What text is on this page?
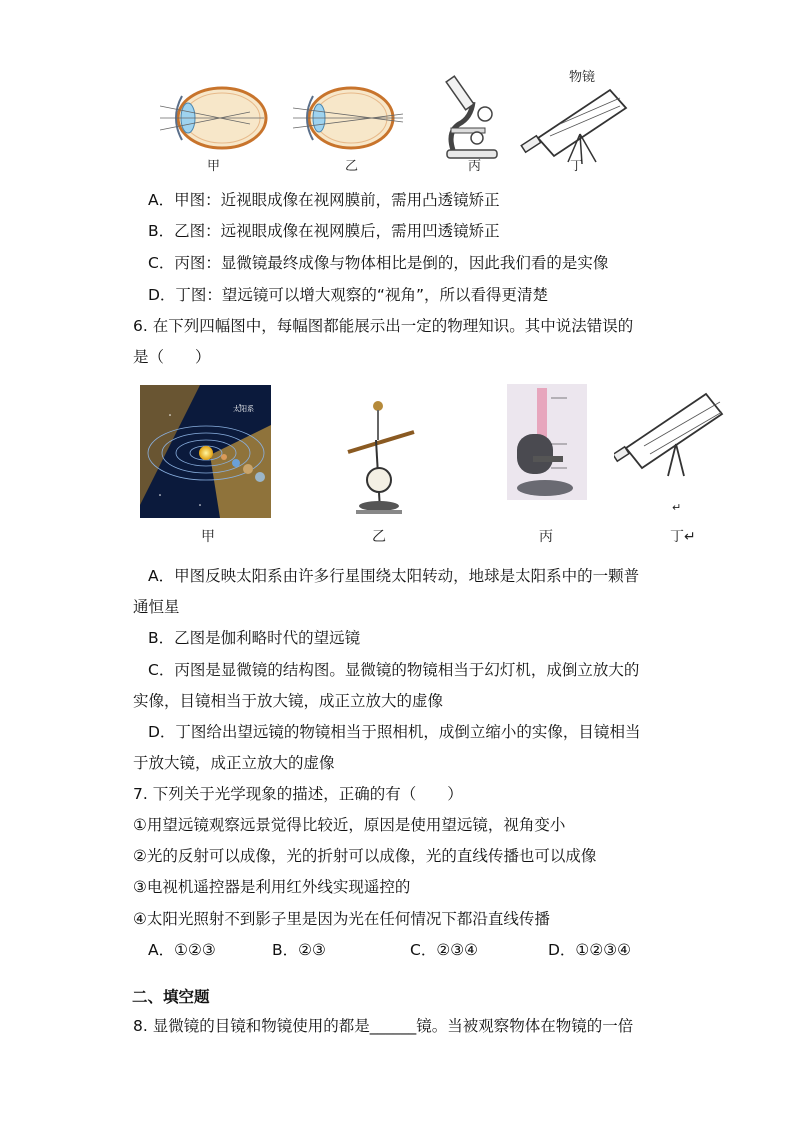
甲	乙	丙
物镜
丁
A．甲图：近视眼成像在视网膜前，需用凸透镜矫正
B．乙图：远视眼成像在视网膜后，需用凹透镜矫正
C．丙图：显微镜最终成像与物体相比是倒的，因此我们看的是实像
D．丁图：望远镜可以增大观察的“视角”，所以看得更清楚
6. 在下列四幅图中，每幅图都能展示出一定的物理知识。其中说法错误的
是（　　）
太阳系
甲	乙	丙
↵
丁↵
A．甲图反映太阳系由许多行星围绕太阳转动，地球是太阳系中的一颗普
通恒星
B．乙图是伽利略时代的望远镜
C．丙图是显微镜的结构图。显微镜的物镜相当于幻灯机，成倒立放大的
实像，目镜相当于放大镜，成正立放大的虚像
D．丁图给出望远镜的物镜相当于照相机，成倒立缩小的实像，目镜相当
于放大镜，成正立放大的虚像
7. 下列关于光学现象的描述，正确的有（　　）
①用望远镜观察远景觉得比较近，原因是使用望远镜，视角变小
②光的反射可以成像，光的折射可以成像，光的直线传播也可以成像
③电视机遥控器是利用红外线实现遥控的
④太阳光照射不到影子里是因为光在任何情况下都沿直线传播
A．①②③	B．②③	C．②③④	D．①②③④
二、填空题
8. 显微镜的目镜和物镜使用的都是______镜。当被观察物体在物镜的一倍
